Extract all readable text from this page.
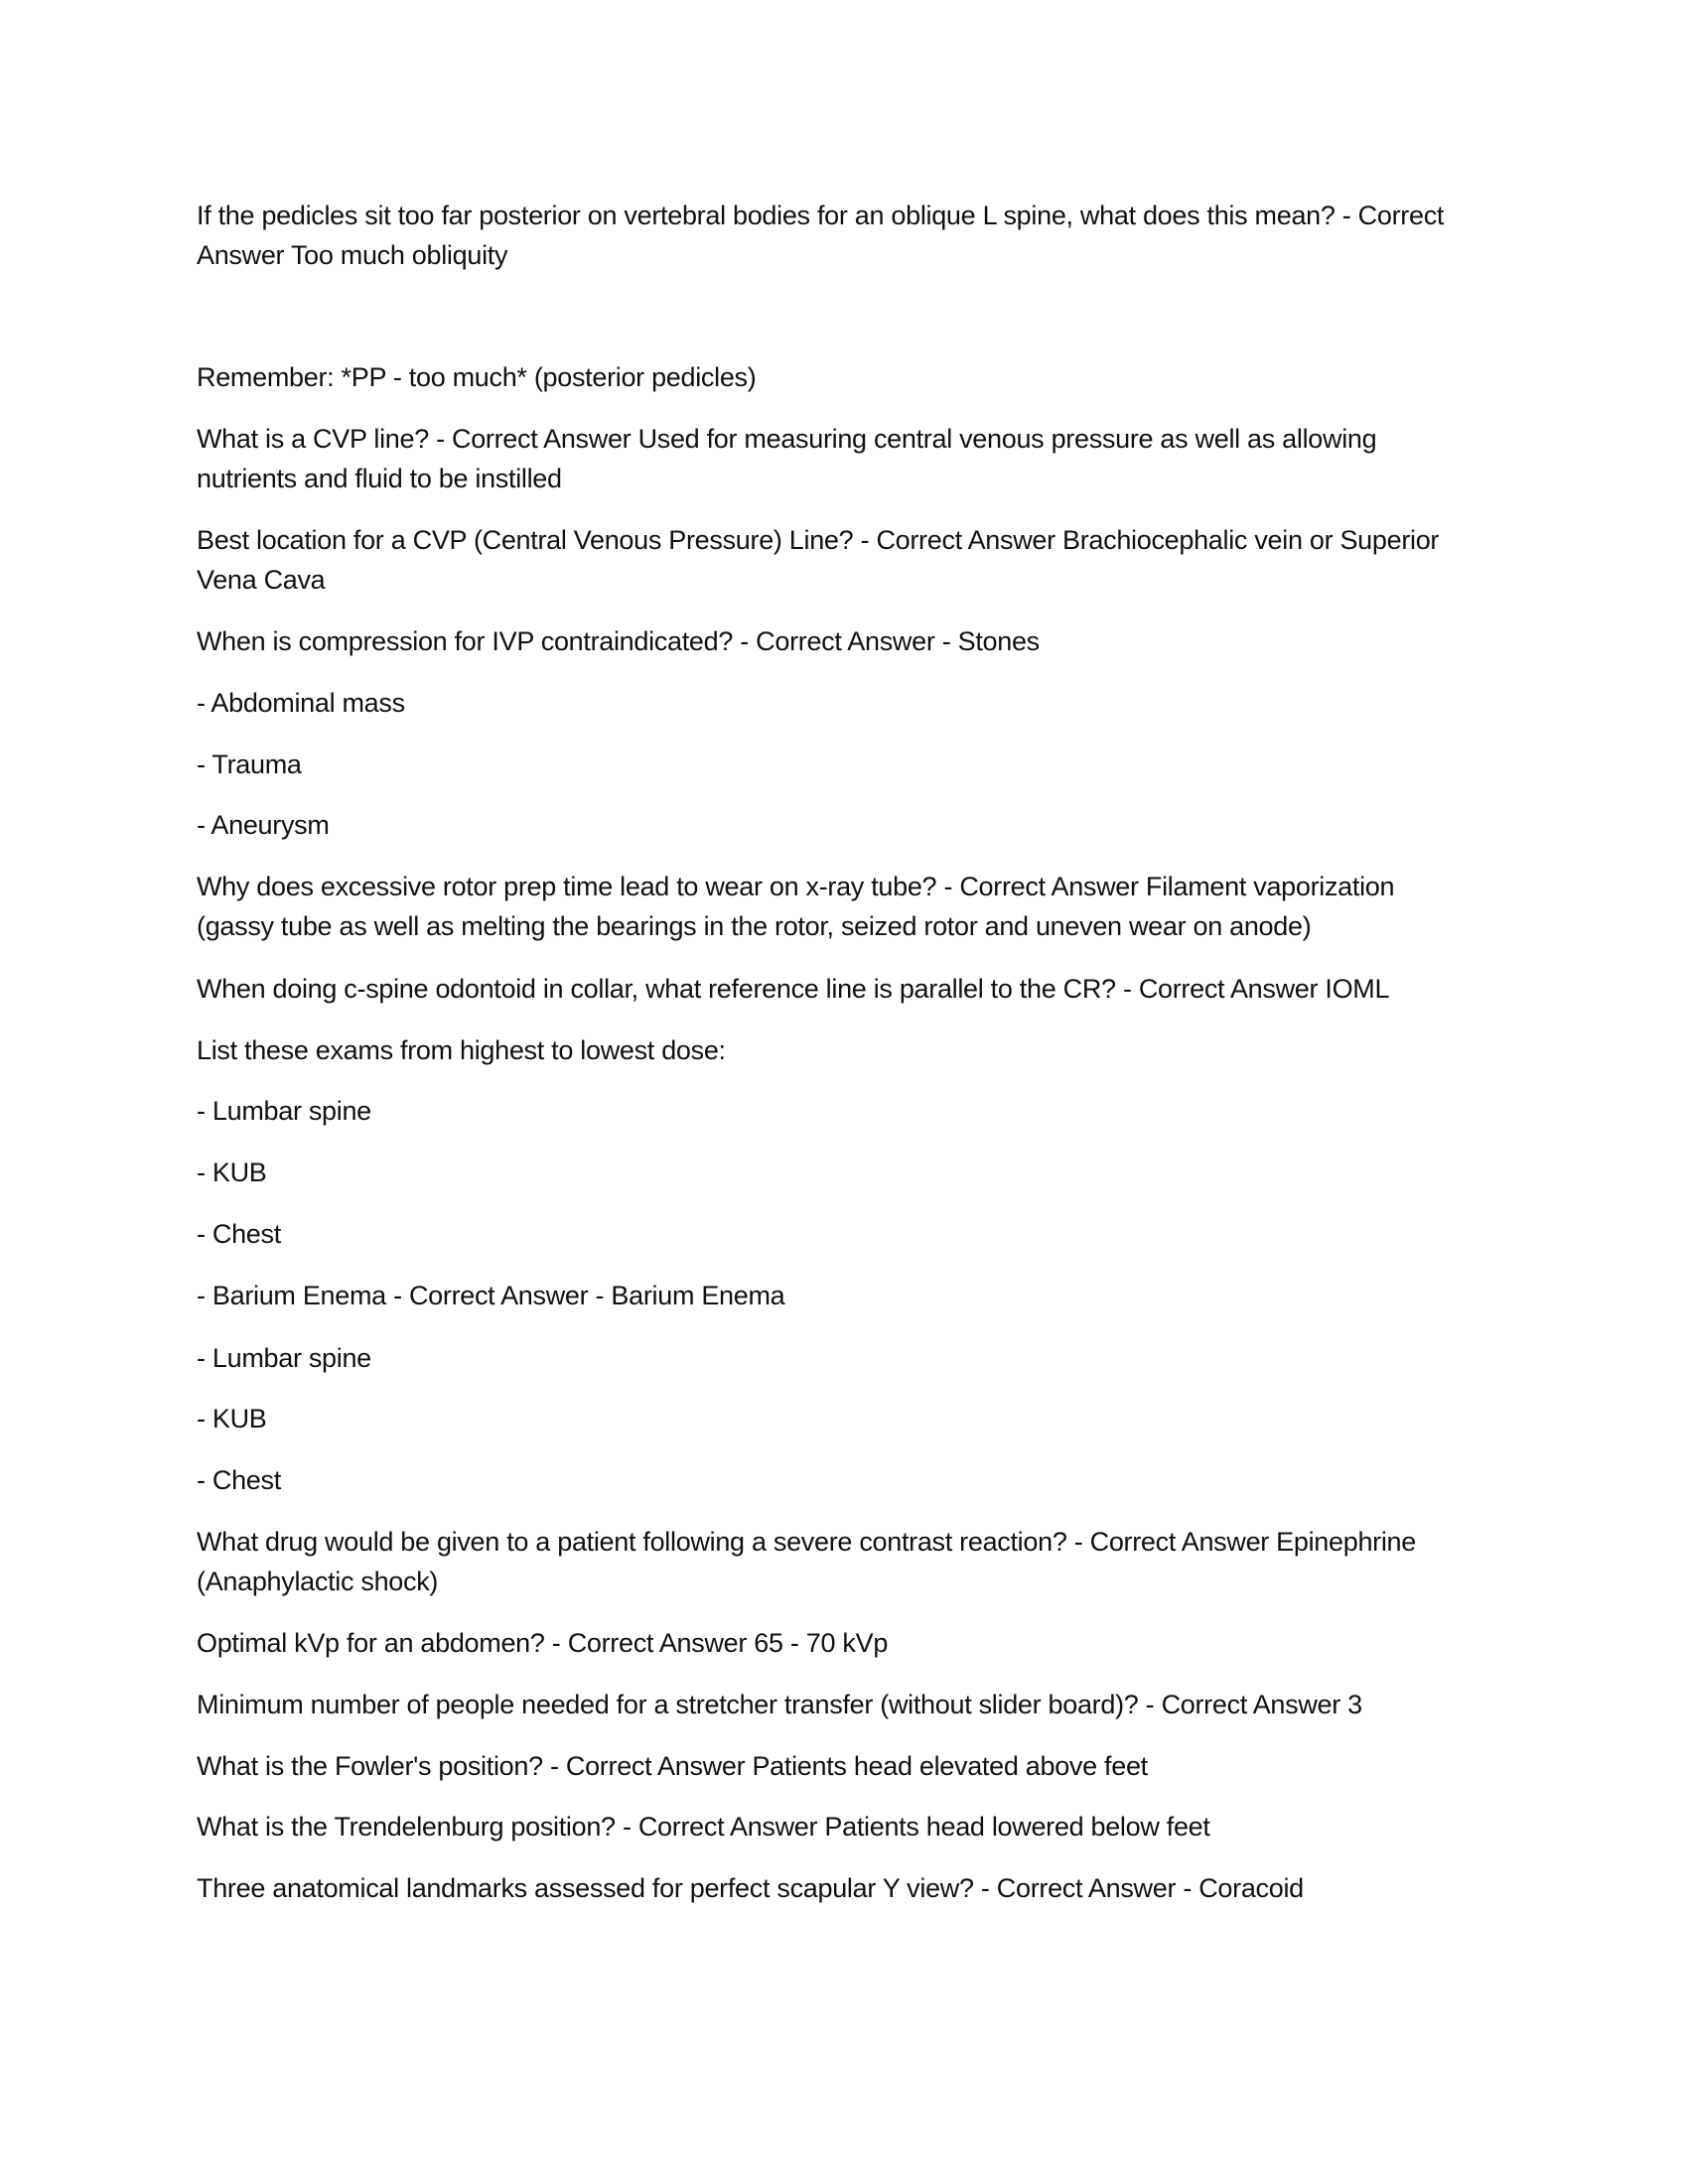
If the pedicles sit too far posterior on vertebral bodies for an oblique L spine, what does this mean? - Correct Answer Too much obliquity

Remember: *PP - too much* (posterior pedicles)

What is a CVP line? - Correct Answer Used for measuring central venous pressure as well as allowing nutrients and fluid to be instilled

Best location for a CVP (Central Venous Pressure) Line? - Correct Answer Brachiocephalic vein or Superior Vena Cava

When is compression for IVP contraindicated? - Correct Answer - Stones

- Abdominal mass

- Trauma

- Aneurysm

Why does excessive rotor prep time lead to wear on x-ray tube? - Correct Answer Filament vaporization (gassy tube as well as melting the bearings in the rotor, seized rotor and uneven wear on anode)

When doing c-spine odontoid in collar, what reference line is parallel to the CR? - Correct Answer IOML

List these exams from highest to lowest dose:

- Lumbar spine

- KUB

- Chest

- Barium Enema - Correct Answer - Barium Enema

- Lumbar spine

- KUB

- Chest

What drug would be given to a patient following a severe contrast reaction? - Correct Answer Epinephrine (Anaphylactic shock)

Optimal kVp for an abdomen? - Correct Answer 65 - 70 kVp

Minimum number of people needed for a stretcher transfer (without slider board)? - Correct Answer 3

What is the Fowler's position? - Correct Answer Patients head elevated above feet

What is the Trendelenburg position? - Correct Answer Patients head lowered below feet

Three anatomical landmarks assessed for perfect scapular Y view? - Correct Answer - Coracoid
